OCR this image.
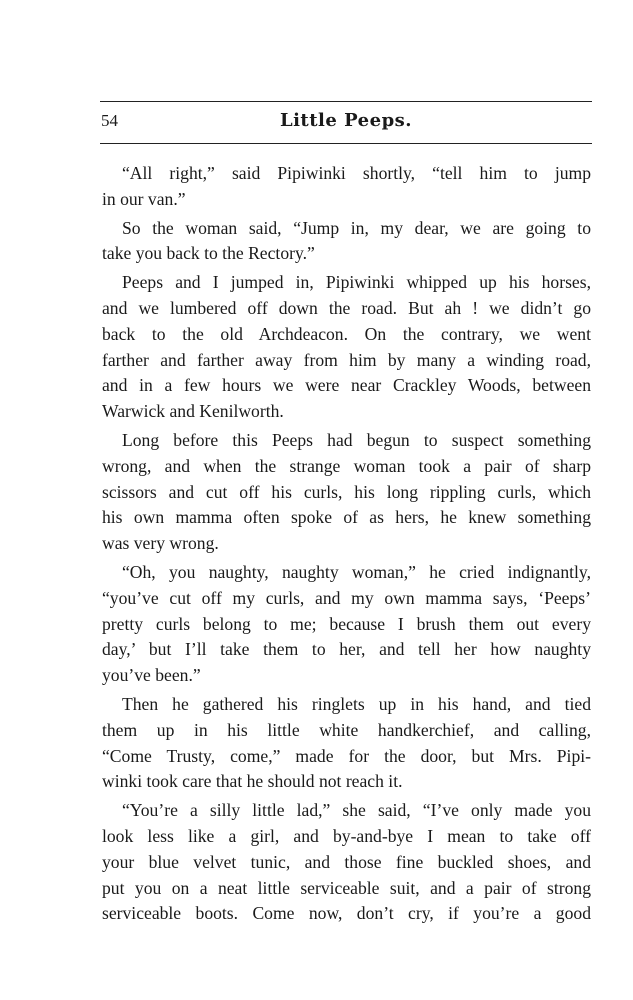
54	Little Peeps.
“All right,” said Pipiwinki shortly, “tell him to jump
in our van.”
So the woman said, “Jump in, my dear, we are going to
take you back to the Rectory.”
Peeps and I jumped in, Pipiwinki whipped up his horses,
and we lumbered off down the road. But ah ! we didn’t go
back to the old Archdeacon. On the contrary, we went
farther and farther away from him by many a winding road,
and in a few hours we were near Crackley Woods, between
Warwick and Kenilworth.
Long before this Peeps had begun to suspect something
wrong, and when the strange woman took a pair of sharp
scissors and cut off his curls, his long rippling curls, which
his own mamma often spoke of as hers, he knew something
was very wrong.
“Oh, you naughty, naughty woman,” he cried indignantly,
“you’ve cut off my curls, and my own mamma says, ‘Peeps’
pretty curls belong to me; because I brush them out every
day,’ but I’ll take them to her, and tell her how naughty
you’ve been.”
Then he gathered his ringlets up in his hand, and tied
them up in his little white handkerchief, and calling,
“Come Trusty, come,” made for the door, but Mrs. Pipi-
winki took care that he should not reach it.
“You’re a silly little lad,” she said, “I’ve only made you
look less like a girl, and by-and-bye I mean to take off
your blue velvet tunic, and those fine buckled shoes, and
put you on a neat little serviceable suit, and a pair of strong
serviceable boots. Come now, don’t cry, if you’re a good
